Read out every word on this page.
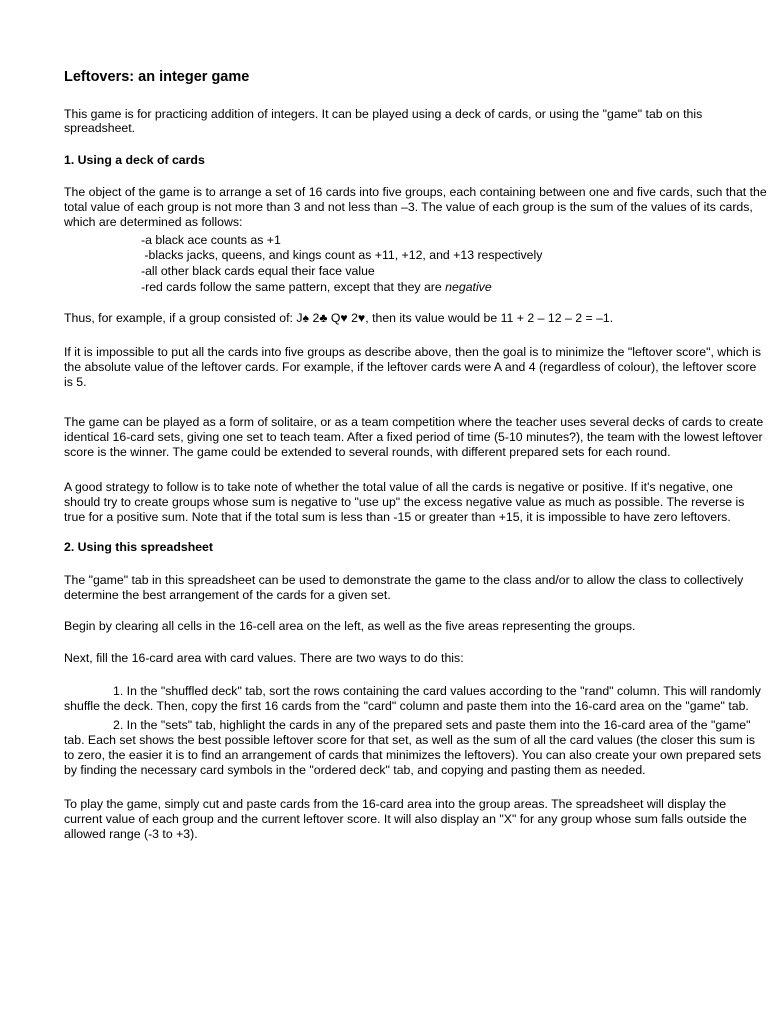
Leftovers: an integer game
This game is for practicing addition of integers. It can be played using a deck of cards, or using the "game" tab on this
spreadsheet.
1. Using a deck of cards
The object of the game is to arrange a set of 16 cards into five groups, each containing between one and five cards, such that the
total value of each group is not more than 3 and not less than –3. The value of each group is the sum of the values of its cards,
which are determined as follows:
-a black ace counts as +1
-blacks jacks, queens, and kings count as +11, +12, and +13 respectively
-all other black cards equal their face value
-red cards follow the same pattern, except that they are negative
Thus, for example, if a group consisted of: J♠ 2♣ Q♥ 2♥, then its value would be 11 + 2 – 12 – 2 = –1.
If it is impossible to put all the cards into five groups as describe above, then the goal is to minimize the "leftover score", which is
the absolute value of the leftover cards. For example, if the leftover cards were A and 4 (regardless of colour), the leftover score
is 5.
The game can be played as a form of solitaire, or as a team competition where the teacher uses several decks of cards to create
identical 16-card sets, giving one set to teach team. After a fixed period of time (5-10 minutes?), the team with the lowest leftover
score is the winner. The game could be extended to several rounds, with different prepared sets for each round.
A good strategy to follow is to take note of whether the total value of all the cards is negative or positive. If it's negative, one
should try to create groups whose sum is negative to "use up" the excess negative value as much as possible. The reverse is
true for a positive sum. Note that if the total sum is less than -15 or greater than +15, it is impossible to have zero leftovers.
2. Using this spreadsheet
The "game" tab in this spreadsheet can be used to demonstrate the game to the class and/or to allow the class to collectively
determine the best arrangement of the cards for a given set.
Begin by clearing all cells in the 16-cell area on the left, as well as the five areas representing the groups.
Next, fill the 16-card area with card values. There are two ways to do this:
1. In the "shuffled deck" tab, sort the rows containing the card values according to the "rand" column. This will randomly
shuffle the deck. Then, copy the first 16 cards from the "card" column and paste them into the 16-card area on the "game" tab.
2. In the "sets" tab, highlight the cards in any of the prepared sets and paste them into the 16-card area of the "game"
tab. Each set shows the best possible leftover score for that set, as well as the sum of all the card values (the closer this sum is
to zero, the easier it is to find an arrangement of cards that minimizes the leftovers). You can also create your own prepared sets
by finding the necessary card symbols in the "ordered deck" tab, and copying and pasting them as needed.
To play the game, simply cut and paste cards from the 16-card area into the group areas. The spreadsheet will display the
current value of each group and the current leftover score. It will also display an "X" for any group whose sum falls outside the
allowed range (-3 to +3).
